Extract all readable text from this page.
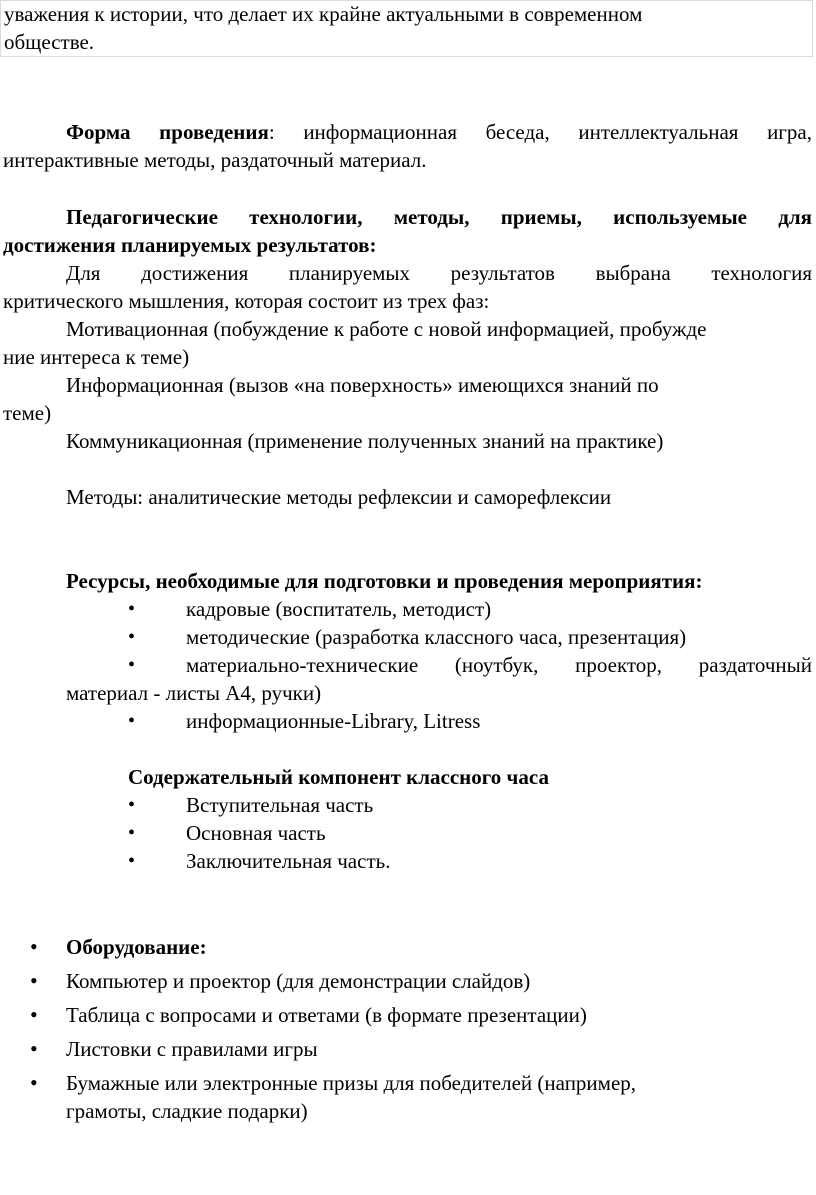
уважения к истории, что делает их крайне актуальными в современном
обществе.
Форма проведения: информационная беседа, интеллектуальная игра,
интерактивные методы, раздаточный материал.
Педагогические технологии, методы, приемы, используемые для
достижения планируемых результатов:
Для достижения планируемых результатов выбрана технология
критического мышления, которая состоит из трех фаз:
Мотивационная (побуждение к работе с новой информацией, пробужде
ние интереса к теме)
Информационная (вызов «на поверхность» имеющихся знаний по
теме)
Коммуникационная (применение полученных знаний на практике)
Методы: аналитические методы рефлексии и саморефлексии
Ресурсы, необходимые для подготовки и проведения мероприятия:
• кадровые (воспитатель, методист)
• методические (разработка классного часа, презентация)
• материально-технические (ноутбук, проектор, раздаточный
материал - листы А4, ручки)
• информационные-Library, Litress
Содержательный компонент классного часа
• Вступительная часть
• Основная часть
• Заключительная часть.
• Оборудование:
• Компьютер и проектор (для демонстрации слайдов)
• Таблица с вопросами и ответами (в формате презентации)
• Листовки с правилами игры
• Бумажные или электронные призы для победителей (например,
грамоты, сладкие подарки)
